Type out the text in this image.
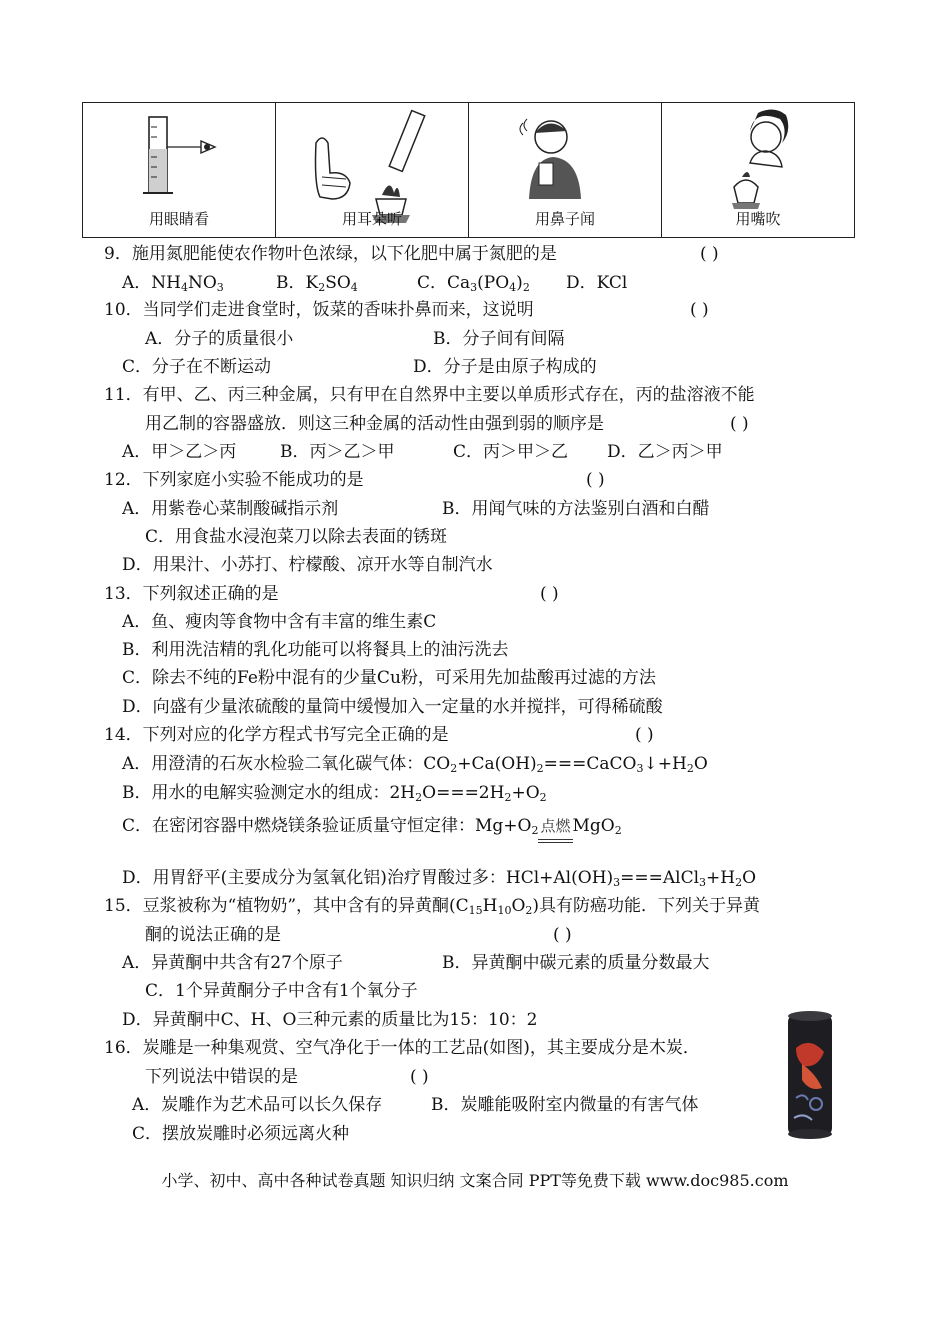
用眼睛看	用耳朵听	用鼻子闻	用嘴吹
9．施用氮肥能使农作物叶色浓绿，以下化肥中属于氮肥的是	( )
A．$NH_4NO_3$	B．$K_2SO_4$	C．$Ca_3(PO_4)_2$ D．KCl
10．当同学们走进食堂时，饭菜的香味扑鼻而来，这说明	( )
A．分子的质量很小	B．分子间有间隔
C．分子在不断运动	D．分子是由原子构成的
11．有甲、乙、丙三种金属，只有甲在自然界中主要以单质形式存在，丙的盐溶液不能
用乙制的容器盛放．则这三种金属的活动性由强到弱的顺序是	( )
A．甲＞乙＞丙	B．丙＞乙＞甲	C．丙＞甲＞乙 D．乙＞丙＞甲
12．下列家庭小实验不能成功的是	( )
A．用紫卷心菜制酸碱指示剂	B．用闻气味的方法鉴别白酒和白醋
C．用食盐水浸泡菜刀以除去表面的锈斑
D．用果汁、小苏打、柠檬酸、凉开水等自制汽水
13．下列叙述正确的是	( )
A．鱼、瘦肉等食物中含有丰富的维生素C
B．利用洗洁精的乳化功能可以将餐具上的油污洗去
C．除去不纯的Fe粉中混有的少量Cu粉，可采用先加盐酸再过滤的方法
D．向盛有少量浓硫酸的量筒中缓慢加入一定量的水并搅拌，可得稀硫酸
14．下列对应的化学方程式书写完全正确的是	( )
A．用澄清的石灰水检验二氧化碳气体：$CO_2+Ca(OH)_2===CaCO_3↓+H_2O$
B．用水的电解实验测定水的组成：$2H_2O===2H_2+O_2$
C．在密闭容器中燃烧镁条验证质量守恒定律：$Mg+O_2$ 点燃 MgO$_2$
D．用胃舒平(主要成分为氢氧化铝)治疗胃酸过多：$HCl+Al(OH)_3===AlCl_3+H_2O$
15．豆浆被称为“植物奶”，其中含有的异黄酮$(C_{15}H_{10}O_2)$具有防癌功能．下列关于异黄
酮的说法正确的是	( )
A．异黄酮中共含有27个原子	B．异黄酮中碳元素的质量分数最大
C．1个异黄酮分子中含有1个氧分子
D．异黄酮中C、H、O三种元素的质量比为15：10：2
16．炭雕是一种集观赏、空气净化于一体的工艺品(如图)，其主要成分是木炭．
下列说法中错误的是	( )
A．炭雕作为艺术品可以长久保存	B．炭雕能吸附室内微量的有害气体
C．摆放炭雕时必须远离火种
小学、初中、高中各种试卷真题 知识归纳 文案合同 PPT等免费下载 www.doc985.com
